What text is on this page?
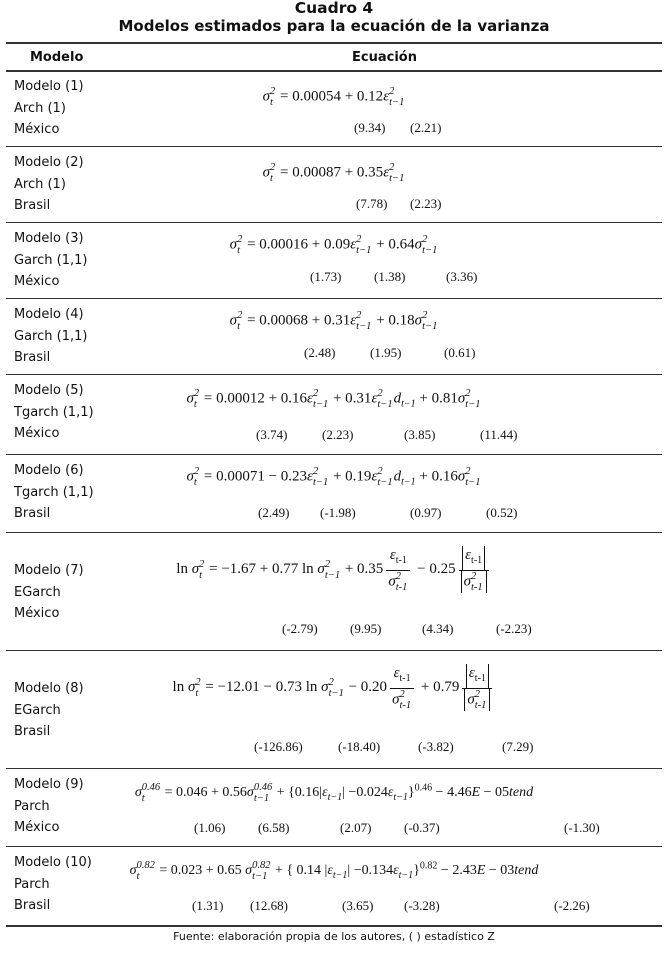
Cuadro 4
Modelos estimados para la ecuación de la varianza
Modelo	Ecuación
Modelo (1)
Arch (1)
México
σ 2
t = 0.00054 + 0.12ε 2
t−1
(9.34) (2.21)
Modelo (2)
Arch (1)
Brasil
σ 2
t = 0.00087 + 0.35ε 2
t−1
(7.78) (2.23)
Modelo (3)
Garch (1,1)
México
σ 2
t = 0.00016 + 0.09ε 2
t−1 + 0.64σ 2
t−1
(1.73)	(1.38)	(3.36)
Modelo (4)
Garch (1,1)
Brasil
σ 2
t = 0.00068 + 0.31ε 2
t−1 + 0.18σ 2
t−1
(2.48)	(1.95)	(0.61)
Modelo (5)
Tgarch (1,1)
México
σ 2
t = 0.00012 + 0.16ε 2
t−1 + 0.31ε 2
t−1 $d_{t-1} + 0.81\sigma$ 2
t−1
(3.74)	(2.23)	(3.85)	(11.44)
Modelo (6)
Tgarch (1,1)
Brasil
σ 2
t = 0.00071 − 0.23ε 2
t−1 + 0.19ε 2
t−1 $d_{t-1} + 0.16\sigma$ 2
t−1
(2.49) (-1.98)	(0.97)	(0.52)
Modelo (7)
EGarch
México
ln σ 2
t = −1.67 + 0.77 ln σ 2
t−1 + 0.35 $\varepsilon_{t-1}$
σ 2
t-1 − 0.25 $\varepsilon_{t-1}$
σ 2
t-1
(-2.79) (9.95)	(4.34)	(-2.23)
Modelo (8)
EGarch
Brasil
ln σ 2
t = −12.01 − 0.73 ln σ 2
t−1 − 0.20 $\varepsilon_{t-1}$
σ 2
t-1 + 0.79 $\varepsilon_{t-1}$
σ 2
t-1
(-126.86)	(-18.40)	(-3.82)	(7.29)
Modelo (9)
Parch
México
σ 0.46
t	= 0.046 + 0.56σ 0.46
$t-1 + \{0.16|\varepsilon_{t-1}| -0.024\varepsilon_{t-1}\}^{0.46} - 4.46E$ − 05tend
(1.06)	(6.58)	(2.07)	(-0.37)	(-1.30)
Modelo (10)
Parch
Brasil
σ 0.82
t	= 0.023 + 0.65 σ 0.82
t−1 + { 0.14 $|\varepsilon_{t-1}| -0.134\varepsilon_{t-1}\}^{0.82} - 2.43E$ − 03tend
(1.31) (12.68)	(3.65) (-3.28)	(-2.26)
Fuente: elaboración propia de los autores, ( ) estadístico Z
